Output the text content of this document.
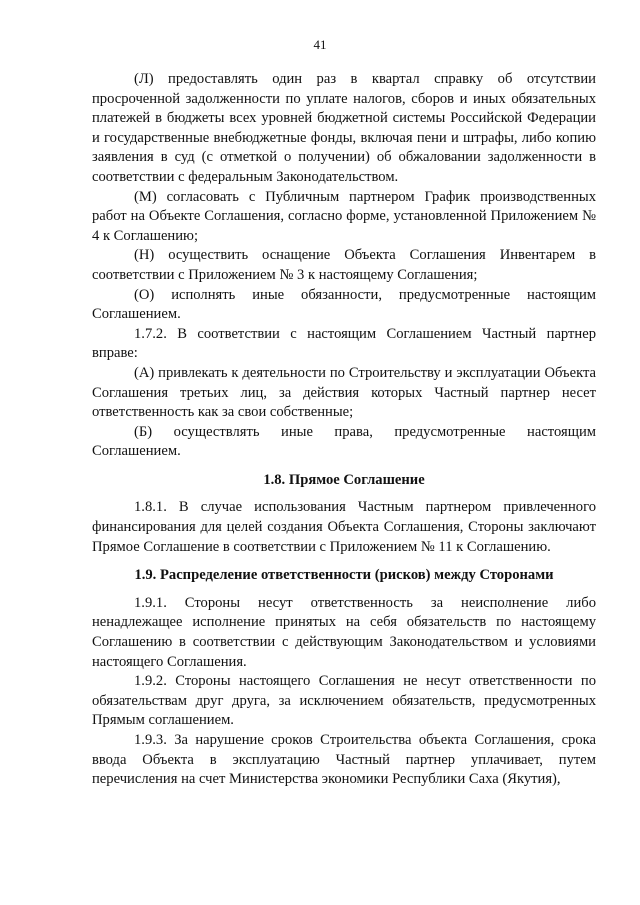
41

(Л) предоставлять один раз в квартал справку об отсутствии просроченной задолженности по уплате налогов, сборов и иных обязательных платежей в бюджеты всех уровней бюджетной системы Российской Федерации и государственные внебюджетные фонды, включая пени и штрафы, либо копию заявления в суд (с отметкой о получении) об обжаловании задолженности в соответствии с федеральным Законодательством.

(М) согласовать с Публичным партнером График производственных работ на Объекте Соглашения, согласно форме, установленной Приложением № 4 к Соглашению;

(Н) осуществить оснащение Объекта Соглашения Инвентарем в соответствии с Приложением № 3 к настоящему Соглашения;

(О) исполнять иные обязанности, предусмотренные настоящим Соглашением.

1.7.2. В соответствии с настоящим Соглашением Частный партнер вправе:

(А) привлекать к деятельности по Строительству и эксплуатации Объекта Соглашения третьих лиц, за действия которых Частный партнер несет ответственность как за свои собственные;

(Б) осуществлять иные права, предусмотренные настоящим Соглашением.

1.8. Прямое Соглашение

1.8.1. В случае использования Частным партнером привлеченного финансирования для целей создания Объекта Соглашения, Стороны заключают Прямое Соглашение в соответствии с Приложением № 11 к Соглашению.

1.9. Распределение ответственности (рисков) между Сторонами

1.9.1. Стороны несут ответственность за неисполнение либо ненадлежащее исполнение принятых на себя обязательств по настоящему Соглашению в соответствии с действующим Законодательством и условиями настоящего Соглашения.

1.9.2. Стороны настоящего Соглашения не несут ответственности по обязательствам друг друга, за исключением обязательств, предусмотренных Прямым соглашением.

1.9.3. За нарушение сроков Строительства объекта Соглашения, срока ввода Объекта в эксплуатацию Частный партнер уплачивает, путем перечисления на счет Министерства экономики Республики Саха (Якутия),
